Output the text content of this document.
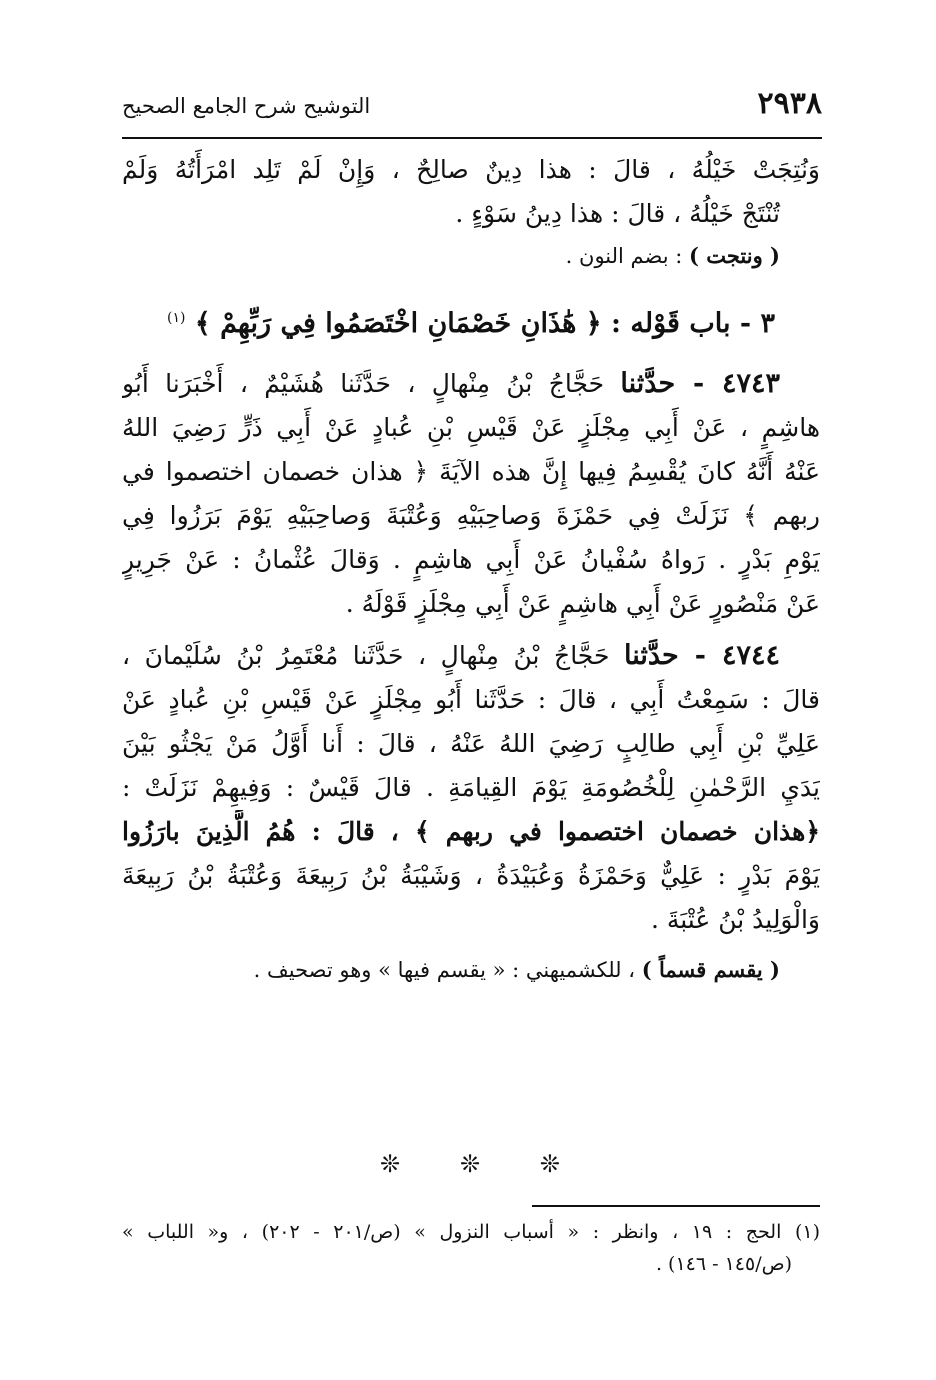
٢٩٣٨
التوشيح شرح الجامع الصحيح
وَنُتِجَتْ خَيْلُهُ ، قالَ : هذا دِينٌ صالِحٌ ، وَإِنْ لَمْ تَلِد امْرَأَتُهُ وَلَمْ
تُنْتَجْ خَيْلُهُ ، قالَ : هذا دِينُ سَوْءٍ .
( ونتجت ) : بضم النون .
٣ - باب قَوْله : ﴿ هَٰذَانِ خَصْمَانِ اخْتَصَمُوا فِي رَبِّهِمْ ﴾ $^{(١)}$
٤٧٤٣ - حدَّثنا حَجَّاجُ بْنُ مِنْهالٍ ، حَدَّثَنا هُشَيْمٌ ، أَخْبَرَنا أَبُو
هاشِمٍ ، عَنْ أَبِي مِجْلَزٍ عَنْ قَيْسِ بْنِ عُبادٍ عَنْ أَبِي ذَرٍّ رَضِيَ اللهُ
عَنْهُ أَنَّهُ كانَ يُقْسِمُ فِيها إِنَّ هذه الآيَةَ ﴿ هذان خصمان اختصموا في
ربهم ﴾ نَزَلَتْ فِي حَمْزَةَ وَصاحِبَيْهِ وَعُتْبَةَ وَصاحِبَيْهِ يَوْمَ بَرَزُوا فِي
يَوْمِ بَدْرٍ . رَواهُ سُفْيانُ عَنْ أَبِي هاشِمٍ . وَقالَ عُثْمانُ : عَنْ جَرِيرٍ
عَنْ مَنْصُورٍ عَنْ أَبِي هاشِمٍ عَنْ أَبِي مِجْلَزٍ قَوْلَهُ .
٤٧٤٤ - حدَّثنا حَجَّاجُ بْنُ مِنْهالٍ ، حَدَّثَنا مُعْتَمِرُ بْنُ سُلَيْمانَ ،
قالَ : سَمِعْتُ أَبِي ، قالَ : حَدَّثَنا أَبُو مِجْلَزٍ عَنْ قَيْسِ بْنِ عُبادٍ عَنْ
عَلِيِّ بْنِ أَبِي طالِبٍ رَضِيَ اللهُ عَنْهُ ، قالَ : أَنا أَوَّلُ مَنْ يَجْثُو بَيْنَ
يَدَيِ الرَّحْمٰنِ لِلْخُصُومَةِ يَوْمَ القِيامَةِ . قالَ قَيْسٌ : وَفِيهِمْ نَزَلَتْ :
﴿هذان خصمان اختصموا في ربهم ﴾ ، قالَ : هُمُ الَّذِينَ بارَزُوا
يَوْمَ بَدْرٍ : عَلِيٌّ وَحَمْزَةُ وَعُبَيْدَةُ ، وَشَيْبَةُ بْنُ رَبِيعَةَ وَعُتْبَةُ بْنُ رَبِيعَةَ
وَالْوَلِيدُ بْنُ عُتْبَةَ .
( يقسم قسماً ) ، للكشميهني : « يقسم فيها » وهو تصحيف .
❊ ❊ ❊
(١) الحج : ١٩ ، وانظر : « أسباب النزول » (ص/٢٠١ - ٢٠٢) ، و« اللباب »
(ص/١٤٥ - ١٤٦) .
